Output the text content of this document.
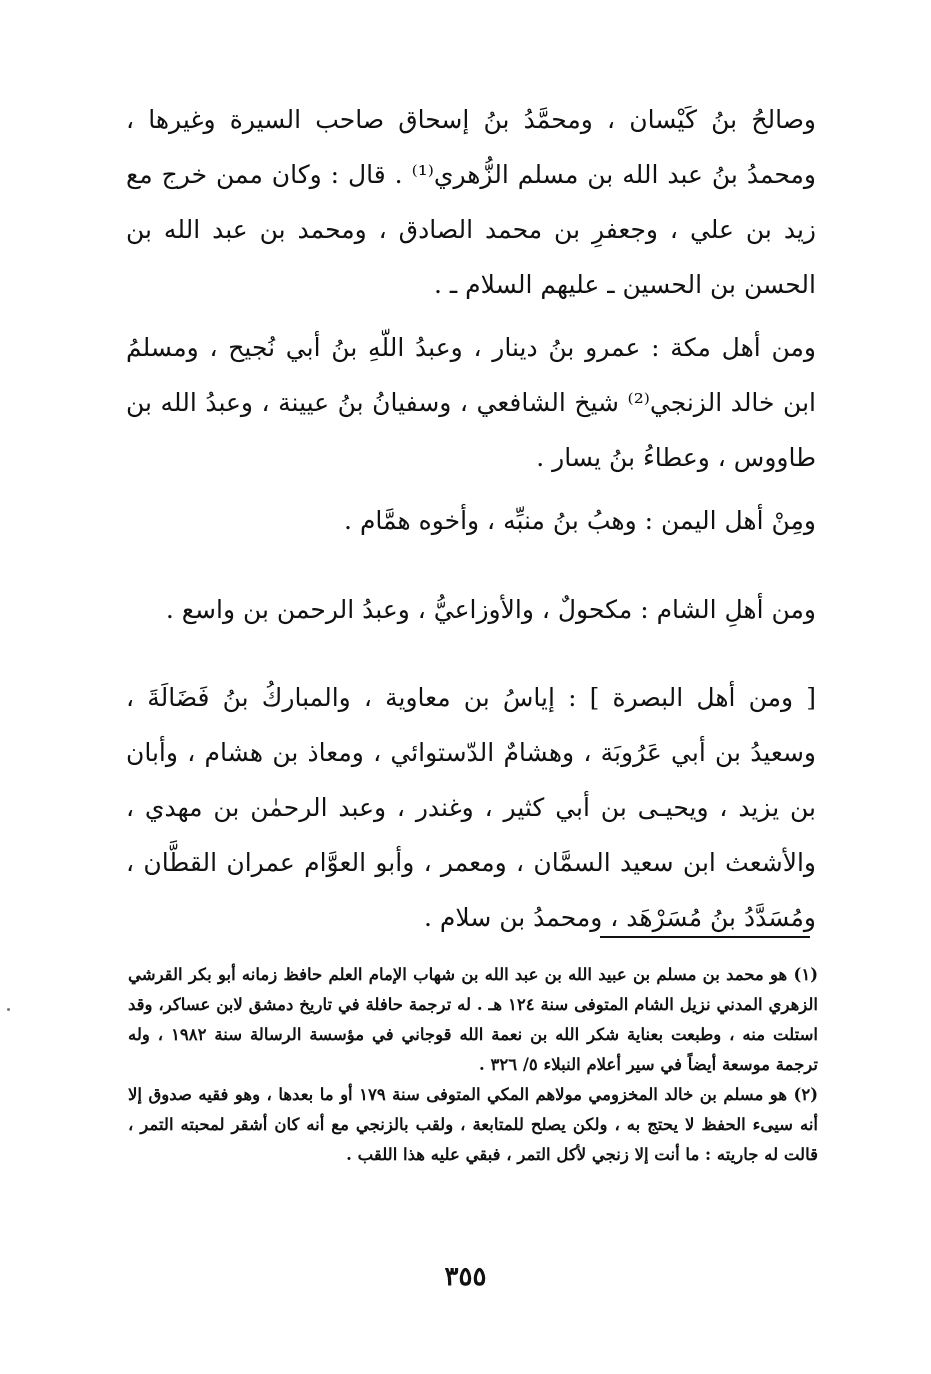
وصالحُ بنُ كَيْسان ، ومحمَّدُ بنُ إسحاق صاحب السيرة وغيرها ، ومحمدُ بنُ عبد الله بن مسلم الزُّهري⁽¹⁾ . قال : وكان ممن خرج مع زيد بن علي ، وجعفرِ بن محمد الصادق ، ومحمد بن عبد الله بن الحسن بن الحسين ـ عليهم السلام ـ .

ومن أهل مكة : عمرو بنُ دينار ، وعبدُ اللّهِ بنُ أبي نُجيح ، ومسلمُ ابن خالد الزنجي⁽²⁾ شيخ الشافعي ، وسفيانُ بنُ عيينة ، وعبدُ الله بن طاووس ، وعطاءُ بنُ يسار .

ومِنْ أهل اليمن : وهبُ بنُ منبِّه ، وأخوه همَّام .

ومن أهلِ الشام : مكحولٌ ، والأوزاعيُّ ، وعبدُ الرحمن بن واسع .

[ ومن أهل البصرة ] : إياسُ بن معاوية ، والمباركُ بنُ فَضَالَةَ ، وسعيدُ بن أبي عَرُوبَة ، وهشامٌ الدّستوائي ، ومعاذ بن هشام ، وأبان بن يزيد ، ويحيـى بن أبي كثير ، وغندر ، وعبد الرحمٰن بن مهدي ، والأشعث ابن سعيد السمَّان ، ومعمر ، وأبو العوَّام عمران القطَّان ، ومُسَدَّدُ بنُ مُسَرْهَد ، ومحمدُ بن سلام .

(١) هو محمد بن مسلم بن عبيد الله بن عبد الله بن شهاب الإمام العلم حافظ زمانه أبو بكر القرشي الزهري المدني نزيل الشام المتوفى سنة ١٢٤ هـ . له ترجمة حافلة في تاريخ دمشق لابن عساكر، وقد استلت منه ، وطبعت بعناية شكر الله بن نعمة الله قوجاني في مؤسسة الرسالة سنة ١٩٨٢ ، وله ترجمة موسعة أيضاً في سير أعلام النبلاء ٥/ ٣٢٦ .

(٢) هو مسلم بن خالد المخزومي مولاهم المكي المتوفى سنة ١٧٩ أو ما بعدها ، وهو فقيه صدوق إلا أنه سيىء الحفظ لا يحتج به ، ولكن يصلح للمتابعة ، ولقب بالزنجي مع أنه كان أشقر لمحبته التمر ، قالت له جاريته : ما أنت إلا زنجي لأكل التمر ، فبقي عليه هذا اللقب .

٣٥٥
